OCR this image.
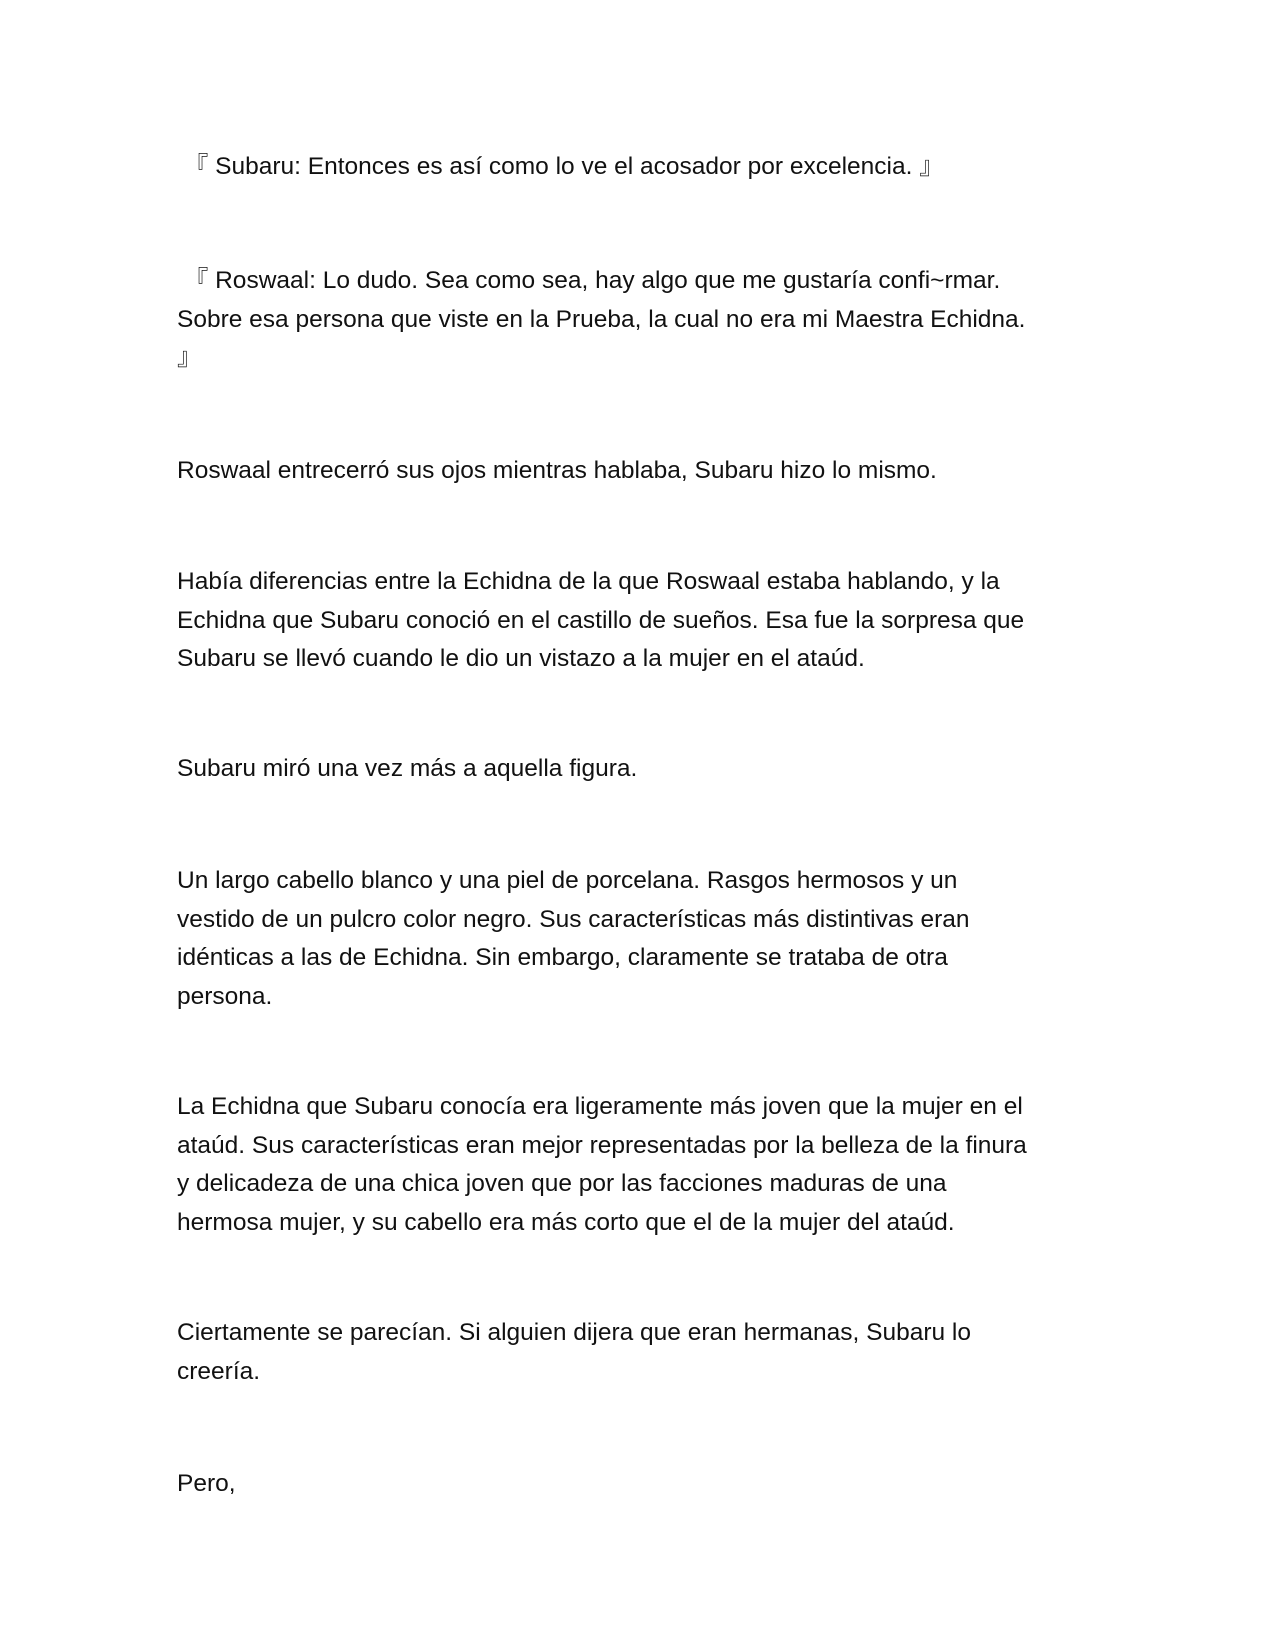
『 Subaru: Entonces es así como lo ve el acosador por excelencia. 』

『 Roswaal: Lo dudo. Sea como sea, hay algo que me gustaría confi~rmar.
Sobre esa persona que viste en la Prueba, la cual no era mi Maestra Echidna.
』

Roswaal entrecerró sus ojos mientras hablaba, Subaru hizo lo mismo.

Había diferencias entre la Echidna de la que Roswaal estaba hablando, y la
Echidna que Subaru conoció en el castillo de sueños. Esa fue la sorpresa que
Subaru se llevó cuando le dio un vistazo a la mujer en el ataúd.

Subaru miró una vez más a aquella figura.

Un largo cabello blanco y una piel de porcelana. Rasgos hermosos y un
vestido de un pulcro color negro. Sus características más distintivas eran
idénticas a las de Echidna. Sin embargo, claramente se trataba de otra
persona.

La Echidna que Subaru conocía era ligeramente más joven que la mujer en el
ataúd. Sus características eran mejor representadas por la belleza de la finura
y delicadeza de una chica joven que por las facciones maduras de una
hermosa mujer, y su cabello era más corto que el de la mujer del ataúd.

Ciertamente se parecían. Si alguien dijera que eran hermanas, Subaru lo
creería.

Pero,
